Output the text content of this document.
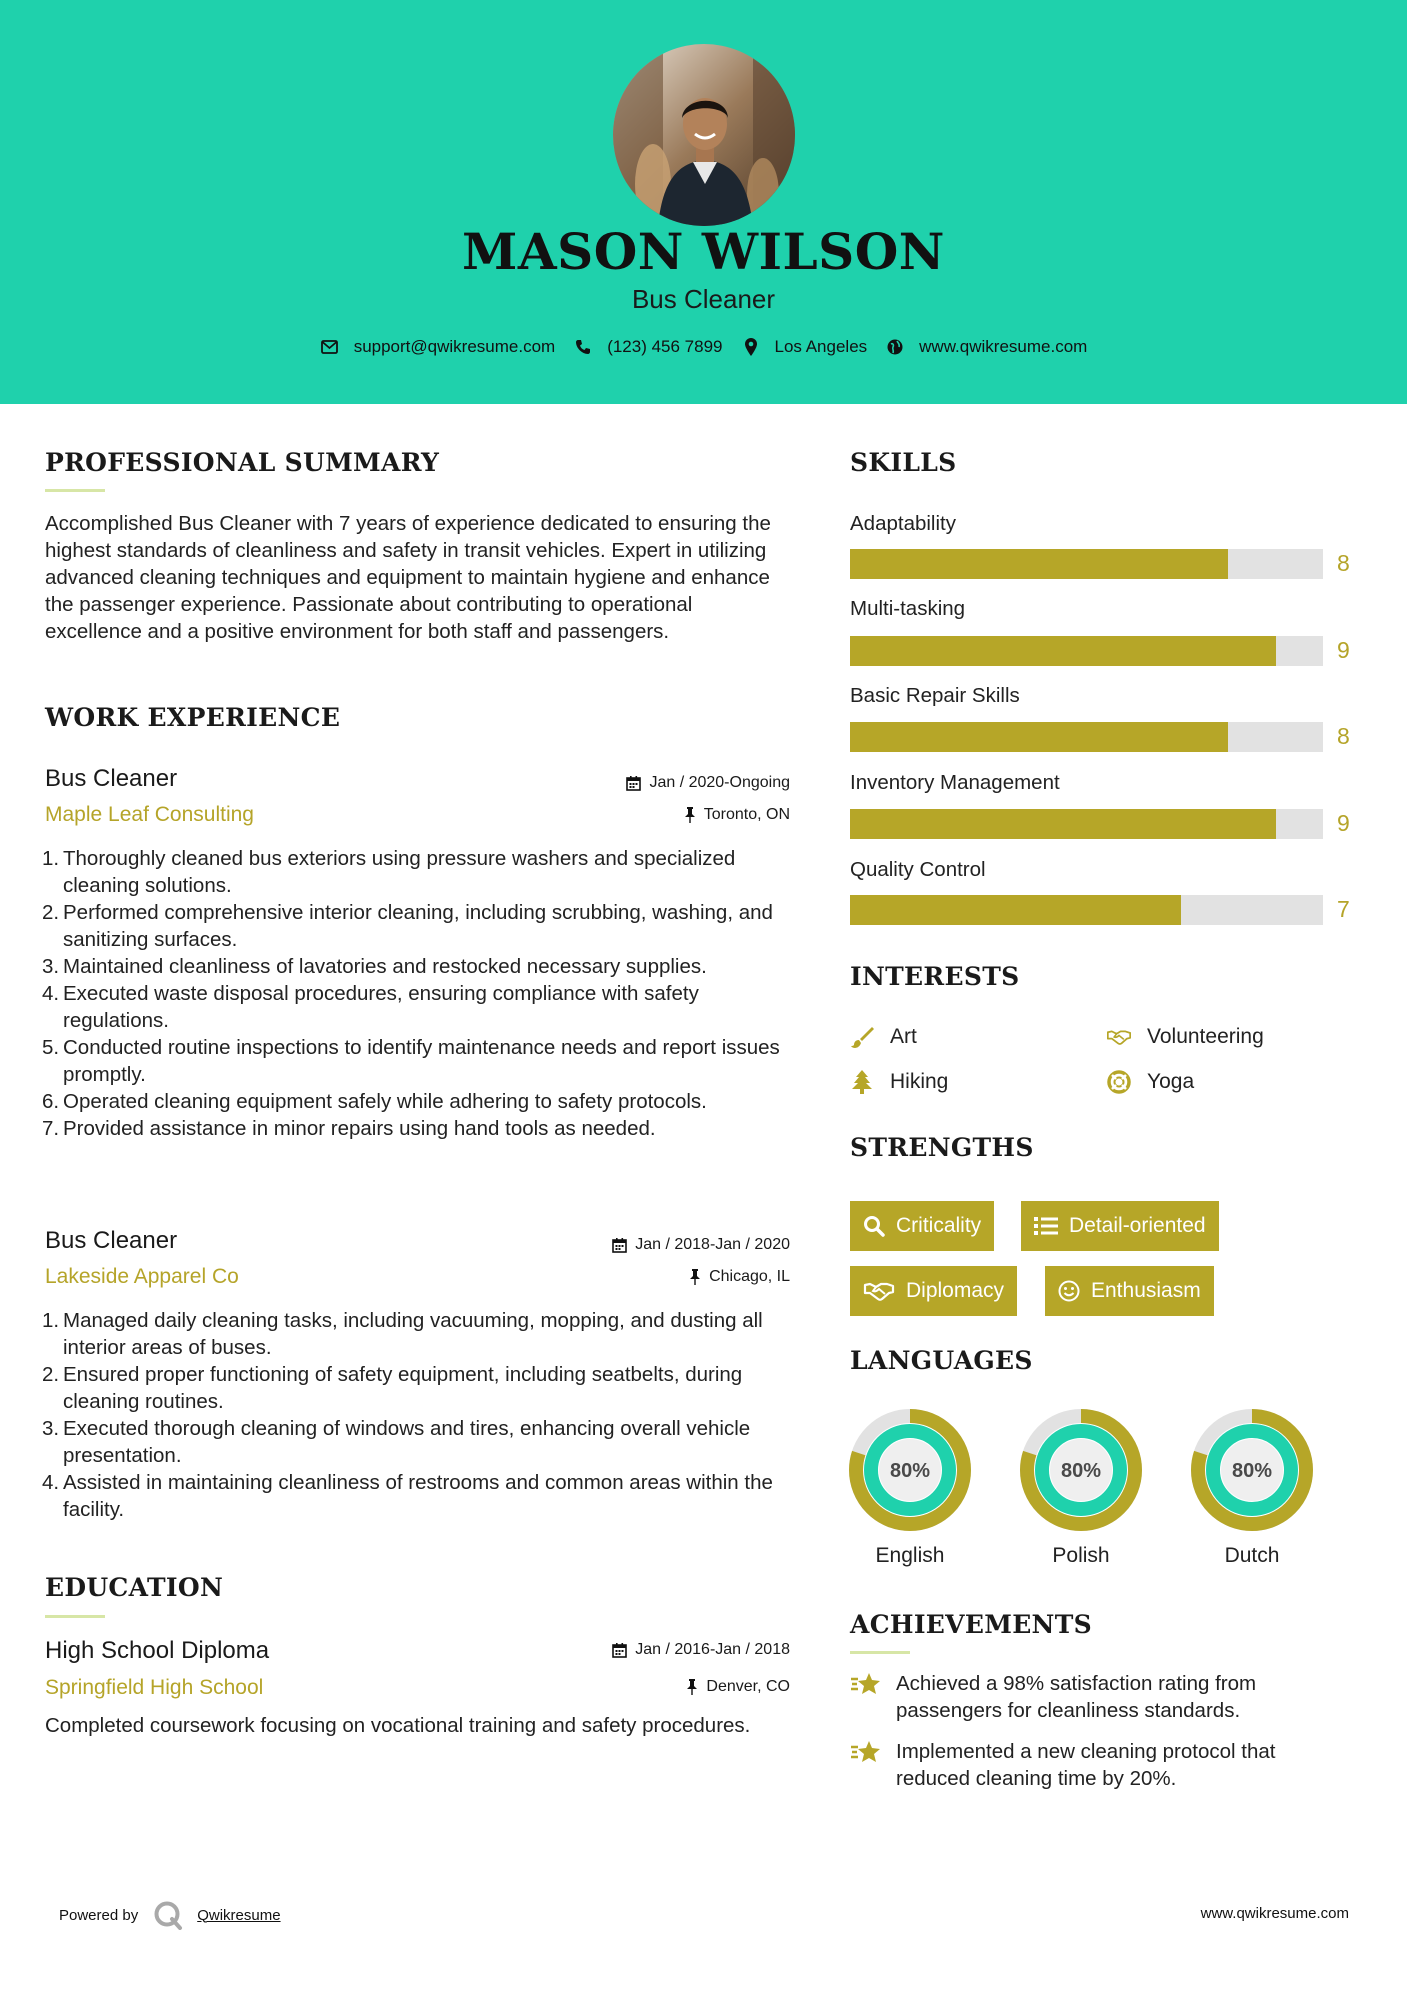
MASON WILSON
Bus Cleaner
support@qwikresume.com	(123) 456 7899	Los Angeles	www.qwikresume.com
PROFESSIONAL SUMMARY
Accomplished Bus Cleaner with 7 years of experience dedicated to ensuring the highest standards of cleanliness and safety in transit vehicles. Expert in utilizing advanced cleaning techniques and equipment to maintain hygiene and enhance the passenger experience. Passionate about contributing to operational excellence and a positive environment for both staff and passengers.
WORK EXPERIENCE
Bus Cleaner	Jan / 2020-Ongoing
Maple Leaf Consulting	Toronto, ON
1. Thoroughly cleaned bus exteriors using pressure washers and specialized cleaning solutions.
2. Performed comprehensive interior cleaning, including scrubbing, washing, and sanitizing surfaces.
3. Maintained cleanliness of lavatories and restocked necessary supplies.
4. Executed waste disposal procedures, ensuring compliance with safety regulations.
5. Conducted routine inspections to identify maintenance needs and report issues promptly.
6. Operated cleaning equipment safely while adhering to safety protocols.
7. Provided assistance in minor repairs using hand tools as needed.
Bus Cleaner	Jan / 2018-Jan / 2020
Lakeside Apparel Co	Chicago, IL
1. Managed daily cleaning tasks, including vacuuming, mopping, and dusting all interior areas of buses.
2. Ensured proper functioning of safety equipment, including seatbelts, during cleaning routines.
3. Executed thorough cleaning of windows and tires, enhancing overall vehicle presentation.
4. Assisted in maintaining cleanliness of restrooms and common areas within the facility.
EDUCATION
High School Diploma	Jan / 2016-Jan / 2018
Springfield High School	Denver, CO
Completed coursework focusing on vocational training and safety procedures.
SKILLS
Adaptability
8
Multi-tasking
9
Basic Repair Skills
8
Inventory Management
9
Quality Control
7
INTERESTS
Art	Volunteering
Hiking	Yoga
STRENGTHS
Criticality	Detail-oriented
Diplomacy	Enthusiasm
LANGUAGES
80%
English
80%
Polish
80%
Dutch
ACHIEVEMENTS
Achieved a 98% satisfaction rating from passengers for cleanliness standards.
Implemented a new cleaning protocol that reduced cleaning time by 20%.
Powered by	Qwikresume	www.qwikresume.com
